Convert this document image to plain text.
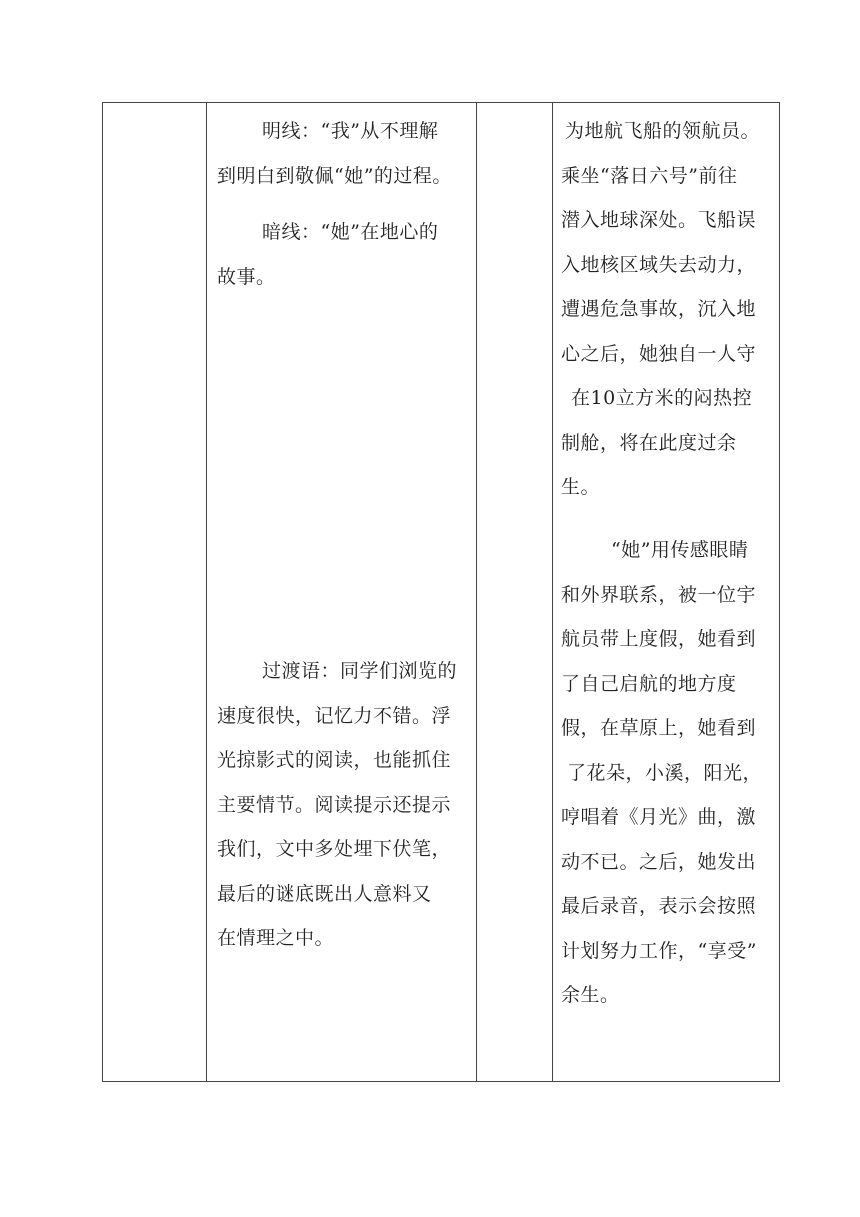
明线：“我”从不理解
到明白到敬佩“她”的过程。
暗线：“她”在地心的
故事。
过渡语：同学们浏览的
速度很快，记忆力不错。浮
光掠影式的阅读，也能抓住
主要情节。阅读提示还提示
我们，文中多处埋下伏笔，
最后的谜底既出人意料又
在情理之中。
为地航飞船的领航员。
乘坐“落日六号”前往
潜入地球深处。飞船误
入地核区域失去动力，
遭遇危急事故，沉入地
心之后，她独自一人守
在10立方米的闷热控
制舱，将在此度过余
生。
“她”用传感眼睛
和外界联系，被一位宇
航员带上度假，她看到
了自己启航的地方度
假，在草原上，她看到
了花朵，小溪，阳光，
哼唱着《月光》曲，激
动不已。之后，她发出
最后录音，表示会按照
计划努力工作，“享受”
余生。
